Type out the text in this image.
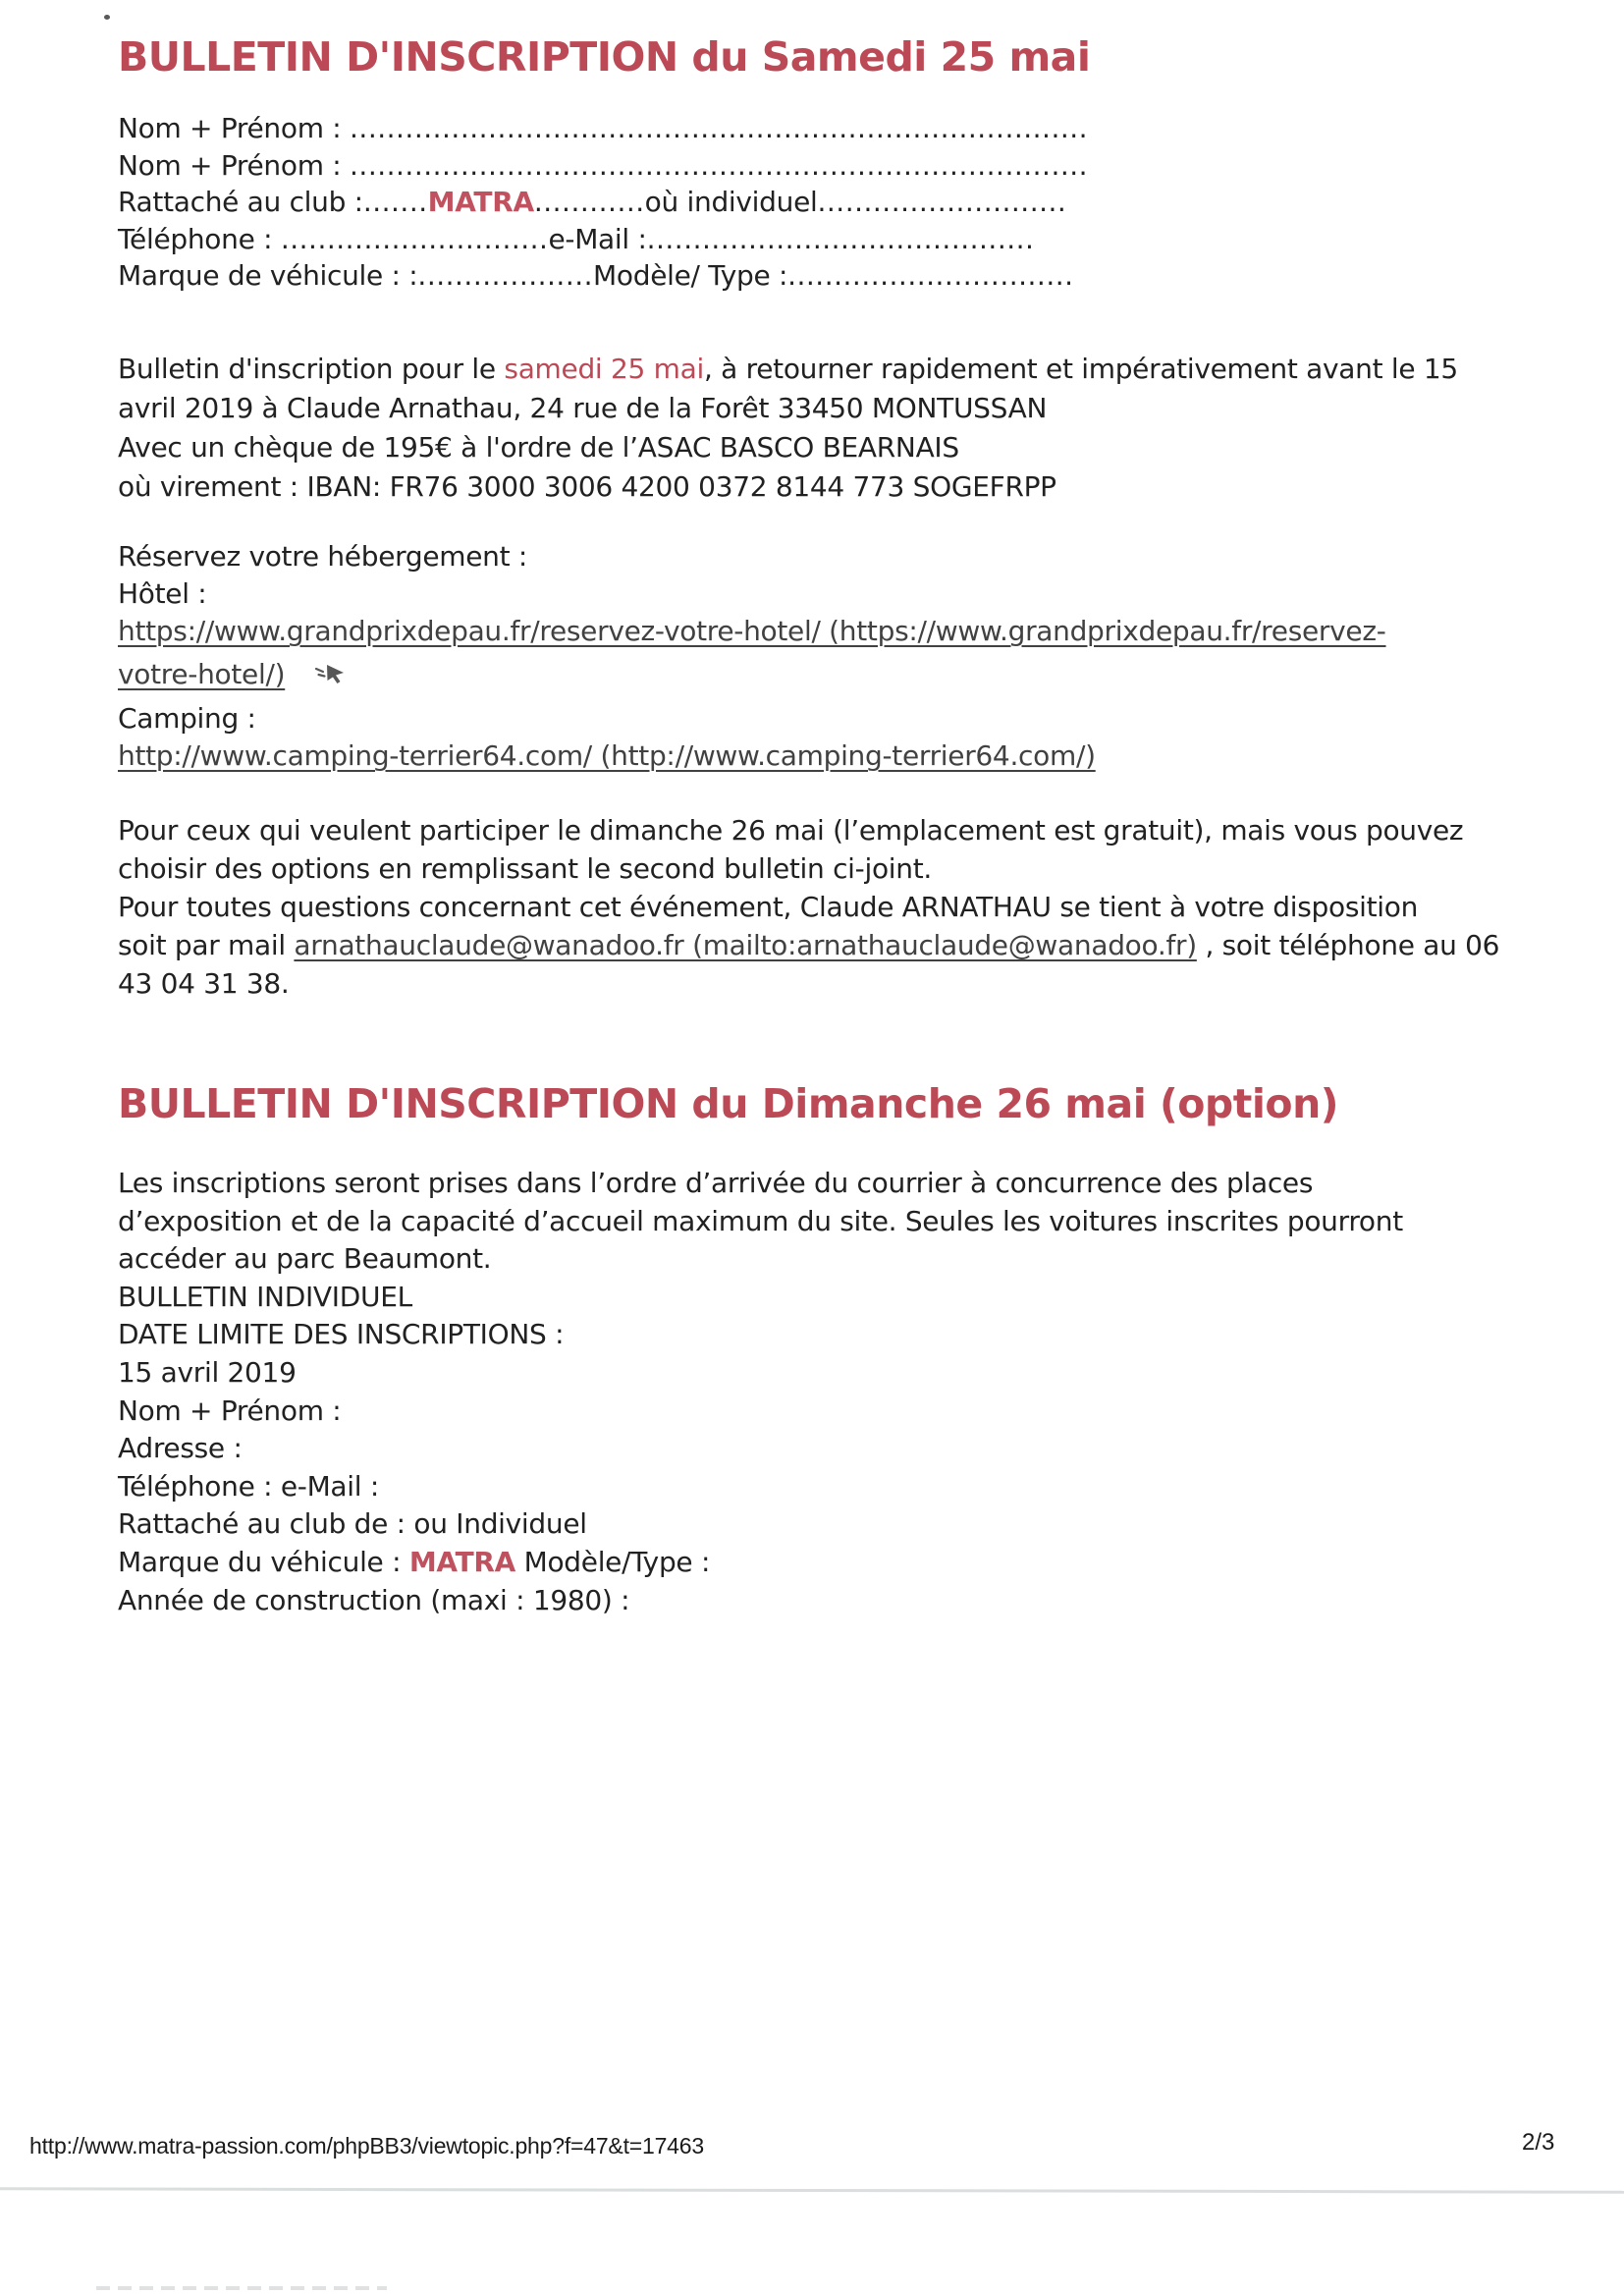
BULLETIN D'INSCRIPTION du Samedi 25 mai
Nom + Prénom : ................................................................................
Nom + Prénom : ................................................................................
Rattaché au club :.......MATRA............où individuel...........................
Téléphone : .............................e-Mail :..........................................
Marque de véhicule : :...................Modèle/ Type :...............................
Bulletin d'inscription pour le samedi 25 mai, à retourner rapidement et impérativement avant le 15
avril 2019 à Claude Arnathau, 24 rue de la Forêt 33450 MONTUSSAN
Avec un chèque de 195€ à l'ordre de l’ASAC BASCO BEARNAIS
où virement : IBAN: FR76 3000 3006 4200 0372 8144 773 SOGEFRPP
Réservez votre hébergement :
Hôtel :
https://www.grandprixdepau.fr/reservez-votre-hotel/ (https://www.grandprixdepau.fr/reservez-
votre-hotel/)
Camping :
http://www.camping-terrier64.com/ (http://www.camping-terrier64.com/)
Pour ceux qui veulent participer le dimanche 26 mai (l’emplacement est gratuit), mais vous pouvez
choisir des options en remplissant le second bulletin ci-joint.
Pour toutes questions concernant cet événement, Claude ARNATHAU se tient à votre disposition
soit par mail arnathauclaude@wanadoo.fr (mailto:arnathauclaude@wanadoo.fr) , soit téléphone au 06
43 04 31 38.
BULLETIN D'INSCRIPTION du Dimanche 26 mai (option)
Les inscriptions seront prises dans l’ordre d’arrivée du courrier à concurrence des places
d’exposition et de la capacité d’accueil maximum du site. Seules les voitures inscrites pourront
accéder au parc Beaumont.
BULLETIN INDIVIDUEL
DATE LIMITE DES INSCRIPTIONS :
15 avril 2019
Nom + Prénom :
Adresse :
Téléphone : e-Mail :
Rattaché au club de : ou Individuel
Marque du véhicule : MATRA Modèle/Type :
Année de construction (maxi : 1980) :
http://www.matra-passion.com/phpBB3/viewtopic.php?f=47&t=17463	2/3
